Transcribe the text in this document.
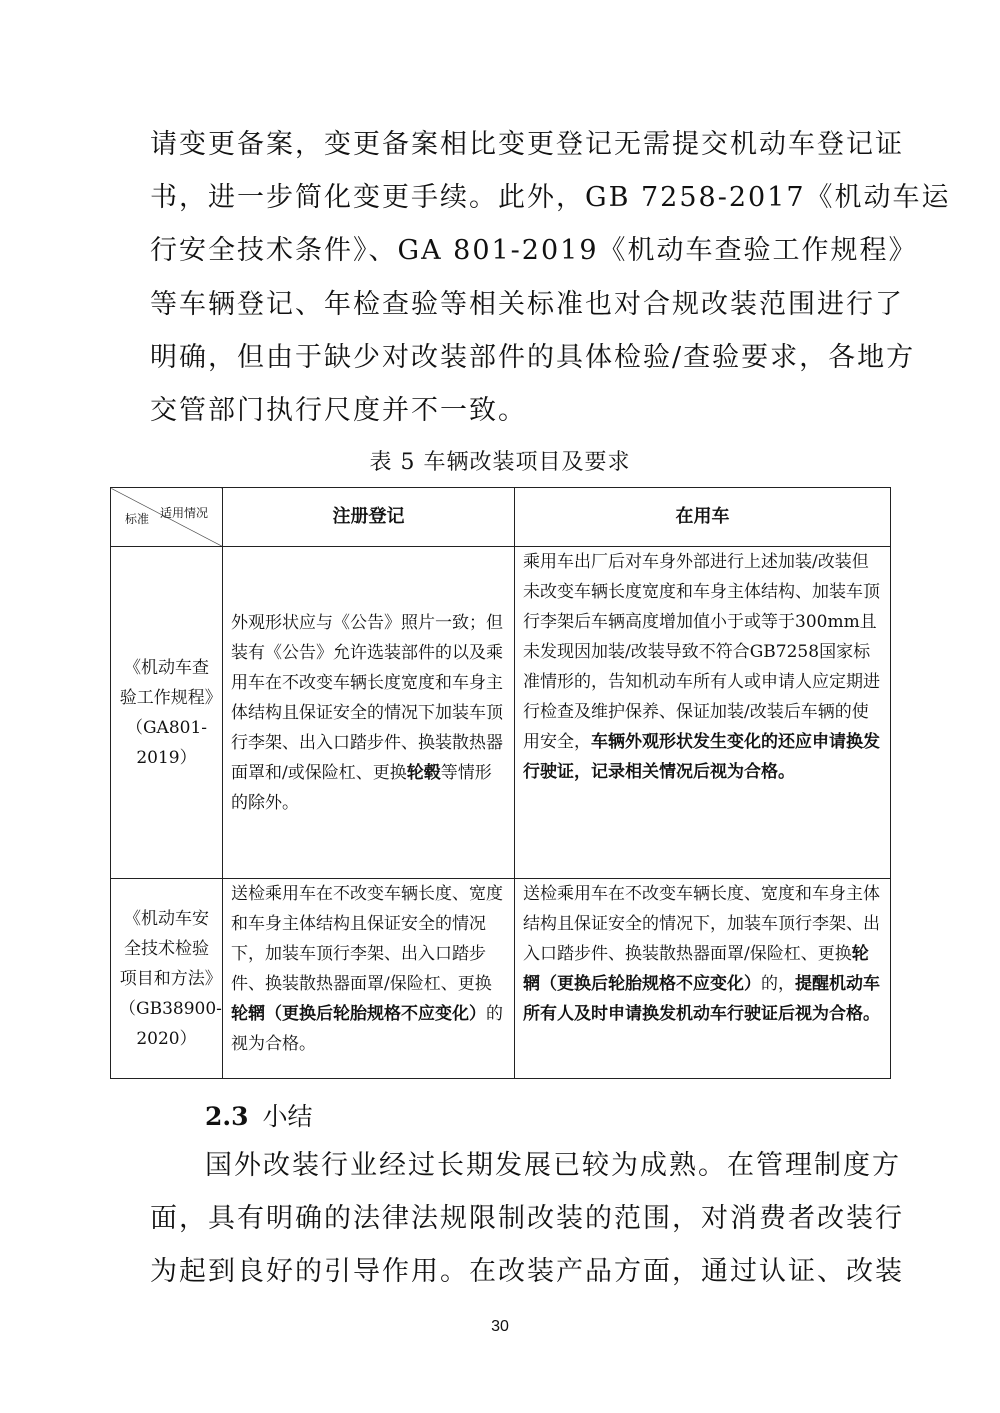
请变更备案，变更备案相比变更登记无需提交机动车登记证
书，进一步简化变更手续。此外，GB 7258-2017《机动车运
行安全技术条件》、GA 801-2019《机动车查验工作规程》
等车辆登记、年检查验等相关标准也对合规改装范围进行了
明确，但由于缺少对改装部件的具体检验/查验要求，各地方
交管部门执行尺度并不一致。
表 5 车辆改装项目及要求
适用情况
标准	注册登记	在用车
《机动车查验工作规程》（GA801-2019）	外观形状应与《公告》照片一致；但装有《公告》允许选装部件的以及乘用车在不改变车辆长度宽度和车身主体结构且保证安全的情况下加装车顶行李架、出入口踏步件、换装散热器面罩和/或保险杠、更换轮毂等情形的除外。	乘用车出厂后对车身外部进行上述加装/改装但未改变车辆长度宽度和车身主体结构、加装车顶行李架后车辆高度增加值小于或等于300mm且未发现因加装/改装导致不符合GB7258国家标准情形的，告知机动车所有人或申请人应定期进行检查及维护保养、保证加装/改装后车辆的使用安全，车辆外观形状发生变化的还应申请换发行驶证，记录相关情况后视为合格。
《机动车安全技术检验项目和方法》（GB38900-2020）	送检乘用车在不改变车辆长度、宽度和车身主体结构且保证安全的情况下，加装车顶行李架、出入口踏步件、换装散热器面罩/保险杠、更换轮辋（更换后轮胎规格不应变化）的视为合格。	送检乘用车在不改变车辆长度、宽度和车身主体结构且保证安全的情况下，加装车顶行李架、出入口踏步件、换装散热器面罩/保险杠、更换轮辋（更换后轮胎规格不应变化）的，提醒机动车所有人及时申请换发机动车行驶证后视为合格。
2.3 小结
国外改装行业经过长期发展已较为成熟。在管理制度方
面，具有明确的法律法规限制改装的范围，对消费者改装行
为起到良好的引导作用。在改装产品方面，通过认证、改装
30
